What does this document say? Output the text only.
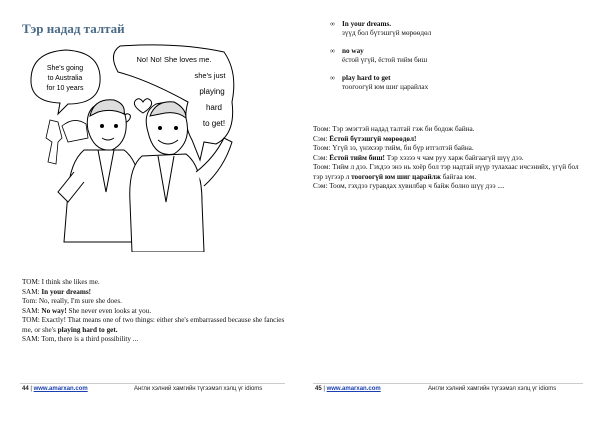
Тэр надад талтай
She's going
to Australia
for 10 years
No! No! She loves me.
she's just
playing
hard
to get!
TOM: I think she likes me.
SAM: In your dreams!
Tom: No, really, I'm sure she does.
SAM: No way! She never even looks at you.
TOM: Exactly! That means one of two things: either she's embarrassed because she fancies me, or she's playing hard to get.
SAM: Tom, there is a third possibility ...
44 | www.amarxan.com	Англи хэлний хамгийн түгээмэл хэлц үг idioms
∞ In your dreams.
зүүд бол бүтэшгүй мөрөөдөл
∞ no way
ёстой үгүй, ёстой тийм биш
∞ play hard to get
тоогоогүй юм шиг царайлах
Тоом: Тэр эмэгтэй надад талтай гэж би бодож байна.
Сэм: Ёстой бүтэшгүй мөрөөдөл!
Тоом: Үгүй ээ, үнэхээр тийм, би бүр итгэлтэй байна.
Сэм: Ёстой тийм биш! Тэр хэзээ ч чам руу харж байгаагүй шүү дээ.
Тоом: Тийм л дээ. Гэхдээ энэ нь хоёр бол тэр надтай нүүр тулахаас ичсэнийх, үгүй бол тэр зүгээр л тоогоогүй юм шиг царайлж байгаа юм.
Сэм: Тоом, гэхдээ гуравдах хувилбар ч байж болно шүү дээ ....
45 | www.amarxan.com	Англи хэлний хамгийн түгээмэл хэлц үг idioms
